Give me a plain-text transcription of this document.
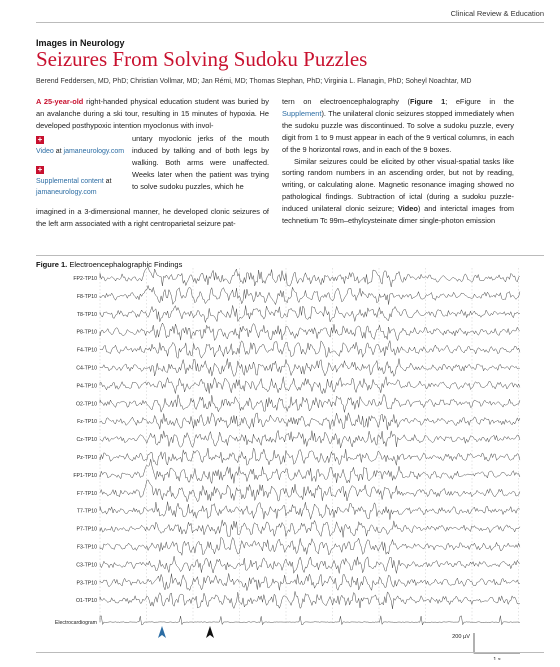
Clinical Review & Education
Images in Neurology
Seizures From Solving Sudoku Puzzles
Berend Feddersen, MD, PhD; Christian Vollmar, MD; Jan Rémi, MD; Thomas Stephan, PhD; Virginia L. Flanagin, PhD; Soheyl Noachtar, MD

A 25-year-old right-handed physical education student was buried by an avalanche during a ski tour, resulting in 15 minutes of hypoxia. He developed posthypoxic intention myoclonus with invol-

+
Video at jamaneurology.com
+
Supplemental content at
jamaneurology.com
untary myoclonic jerks of the mouth induced by talking and of both legs by walking. Both arms were unaffected. Weeks later when the patient was trying to solve sudoku puzzles, which he

imagined in a 3-dimensional manner, he developed clonic seizures of the left arm associated with a right centroparietal seizure pat-

tern on electroencephalography (Figure 1; eFigure in the Supplement). The unilateral clonic seizures stopped immediately when the sudoku puzzle was discontinued. To solve a sudoku puzzle, every digit from 1 to 9 must appear in each of the 9 vertical columns, in each of the 9 horizontal rows, and in each of the 9 boxes.

Similar seizures could be elicited by other visual-spatial tasks like sorting random numbers in an ascending order, but not by reading, writing, or calculating alone. Magnetic resonance imaging showed no pathological findings. Subtraction of ictal (during a sudoku puzzle-induced unilateral clonic seizure; Video) and interictal images from technetium Tc 99m–ethylcysteinate dimer single-photon emission

Figure 1. Electroencephalographic Findings
FP2-TP10
F8-TP10
T8-TP10
P8-TP10
F4-TP10
C4-TP10
P4-TP10
O2-TP10
Fz-TP10
Cz-TP10
Pz-TP10
FP1-TP10
F7-TP10
T7-TP10
P7-TP10
F3-TP10
C3-TP10
P3-TP10
O1-TP10
Electrocardiogram
200 µV
1 s
